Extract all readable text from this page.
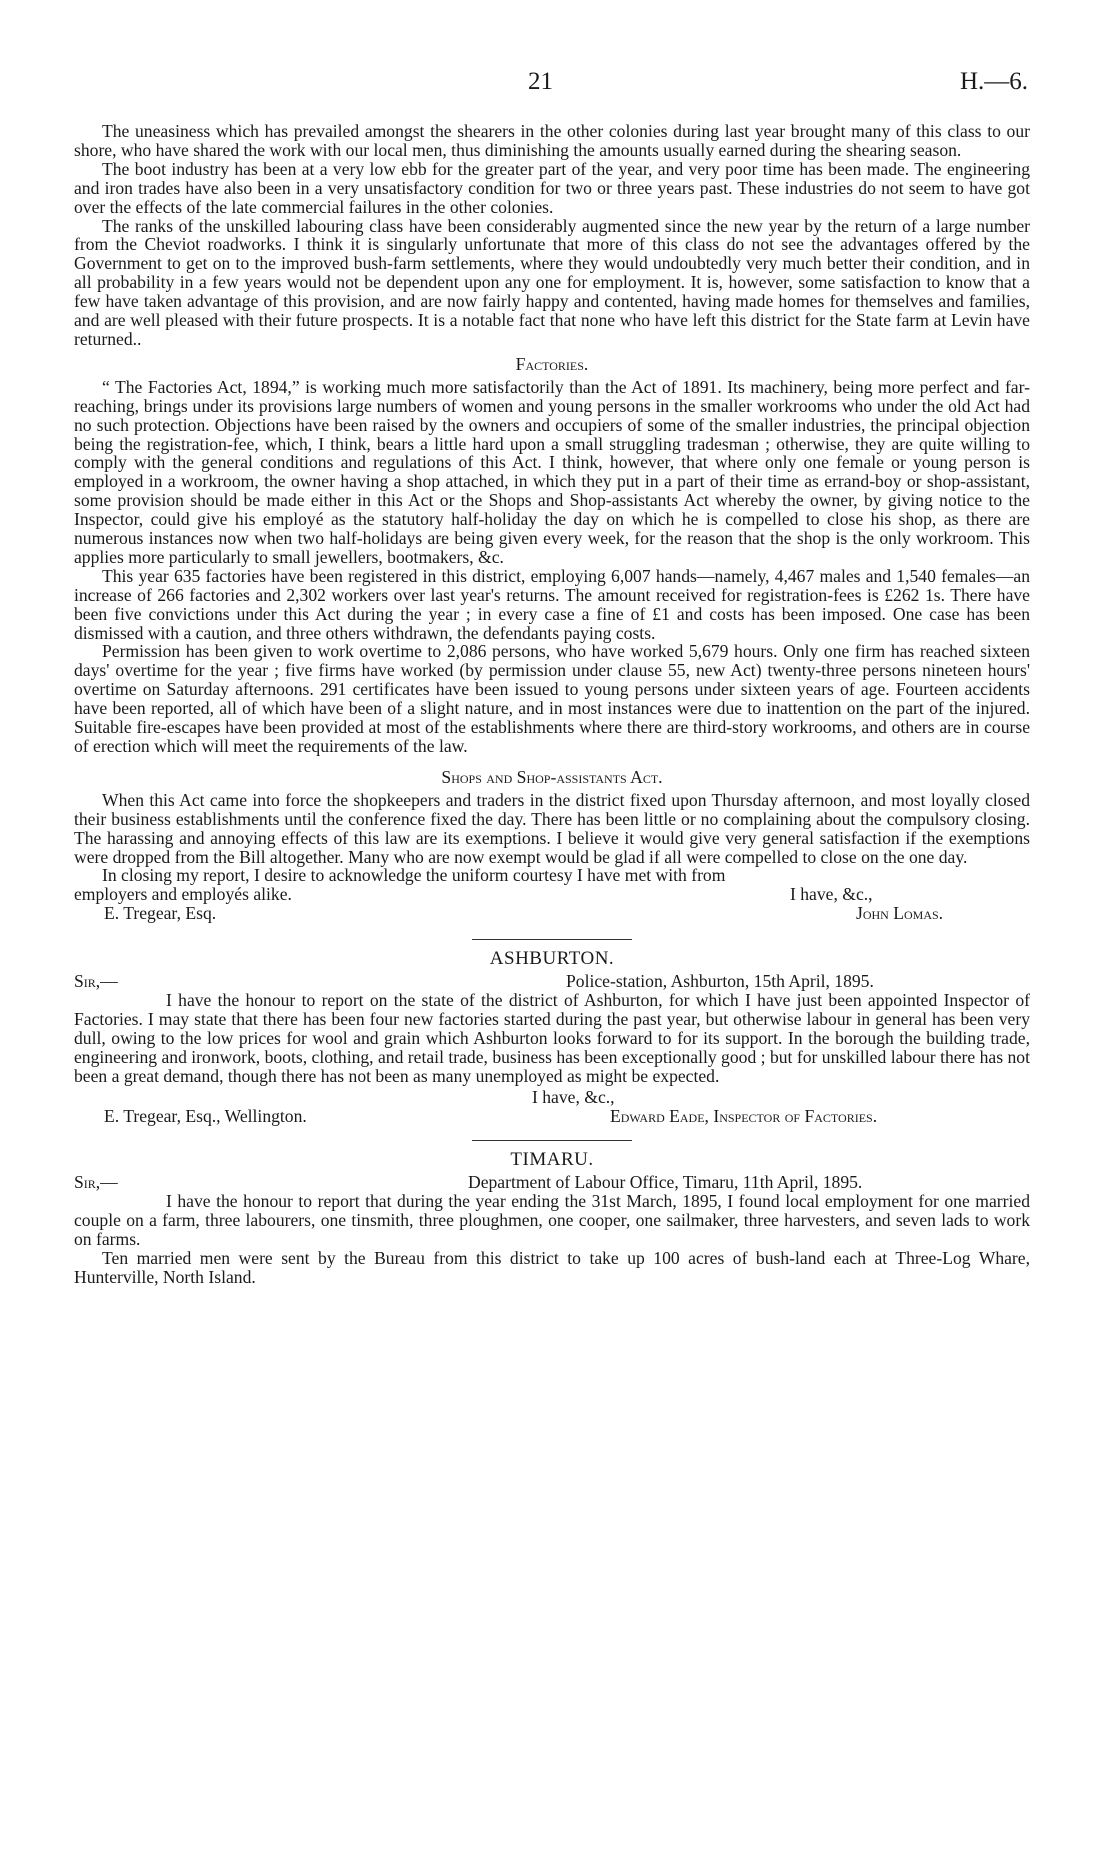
21	H.—6.

The uneasiness which has prevailed amongst the shearers in the other colonies during last year brought many of this class to our shore, who have shared the work with our local men, thus diminishing the amounts usually earned during the shearing season.

The boot industry has been at a very low ebb for the greater part of the year, and very poor time has been made. The engineering and iron trades have also been in a very unsatisfactory condition for two or three years past. These industries do not seem to have got over the effects of the late commercial failures in the other colonies.

The ranks of the unskilled labouring class have been considerably augmented since the new year by the return of a large number from the Cheviot roadworks. I think it is singularly unfortunate that more of this class do not see the advantages offered by the Government to get on to the improved bush-farm settlements, where they would undoubtedly very much better their condition, and in all probability in a few years would not be dependent upon any one for employment. It is, however, some satisfaction to know that a few have taken advantage of this provision, and are now fairly happy and contented, having made homes for themselves and families, and are well pleased with their future prospects. It is a notable fact that none who have left this district for the State farm at Levin have returned..

Factories.

“ The Factories Act, 1894,” is working much more satisfactorily than the Act of 1891. Its machinery, being more perfect and far-reaching, brings under its provisions large numbers of women and young persons in the smaller workrooms who under the old Act had no such protection. Objections have been raised by the owners and occupiers of some of the smaller industries, the principal objection being the registration-fee, which, I think, bears a little hard upon a small struggling tradesman ; otherwise, they are quite willing to comply with the general conditions and regulations of this Act. I think, however, that where only one female or young person is employed in a workroom, the owner having a shop attached, in which they put in a part of their time as errand-boy or shop-assistant, some provision should be made either in this Act or the Shops and Shop-assistants Act whereby the owner, by giving notice to the Inspector, could give his employé as the statutory half-holiday the day on which he is compelled to close his shop, as there are numerous instances now when two half-holidays are being given every week, for the reason that the shop is the only workroom. This applies more particularly to small jewellers, bootmakers, &c.

This year 635 factories have been registered in this district, employing 6,007 hands—namely, 4,467 males and 1,540 females—an increase of 266 factories and 2,302 workers over last year's returns. The amount received for registration-fees is £262 1s. There have been five convictions under this Act during the year ; in every case a fine of £1 and costs has been imposed. One case has been dismissed with a caution, and three others withdrawn, the defendants paying costs.

Permission has been given to work overtime to 2,086 persons, who have worked 5,679 hours. Only one firm has reached sixteen days' overtime for the year ; five firms have worked (by permission under clause 55, new Act) twenty-three persons nineteen hours' overtime on Saturday afternoons. 291 certificates have been issued to young persons under sixteen years of age. Fourteen accidents have been reported, all of which have been of a slight nature, and in most instances were due to inattention on the part of the injured. Suitable fire-escapes have been provided at most of the establishments where there are third-story workrooms, and others are in course of erection which will meet the requirements of the law.

Shops and Shop-assistants Act.

When this Act came into force the shopkeepers and traders in the district fixed upon Thursday afternoon, and most loyally closed their business establishments until the conference fixed the day. There has been little or no complaining about the compulsory closing. The harassing and annoying effects of this law are its exemptions. I believe it would give very general satisfaction if the exemptions were dropped from the Bill altogether. Many who are now exempt would be glad if all were compelled to close on the one day.

In closing my report, I desire to acknowledge the uniform courtesy I have met with from

employers and employés alike.	I have, &c.,
E. Tregear, Esq.	John Lomas.
ASHBURTON.
Sir,—	Police-station, Ashburton, 15th April, 1895.

I have the honour to report on the state of the district of Ashburton, for which I have just been appointed Inspector of Factories. I may state that there has been four new factories started during the past year, but otherwise labour in general has been very dull, owing to the low prices for wool and grain which Ashburton looks forward to for its support. In the borough the building trade, engineering and ironwork, boots, clothing, and retail trade, business has been exceptionally good ; but for unskilled labour there has not been a great demand, though there has not been as many unemployed as might be expected.

I have, &c.,
E. Tregear, Esq., Wellington.	Edward Eade, Inspector of Factories.
TIMARU.
Sir,—	Department of Labour Office, Timaru, 11th April, 1895.

I have the honour to report that during the year ending the 31st March, 1895, I found local employment for one married couple on a farm, three labourers, one tinsmith, three ploughmen, one cooper, one sailmaker, three harvesters, and seven lads to work on farms.

Ten married men were sent by the Bureau from this district to take up 100 acres of bush-land each at Three-Log Whare, Hunterville, North Island.
